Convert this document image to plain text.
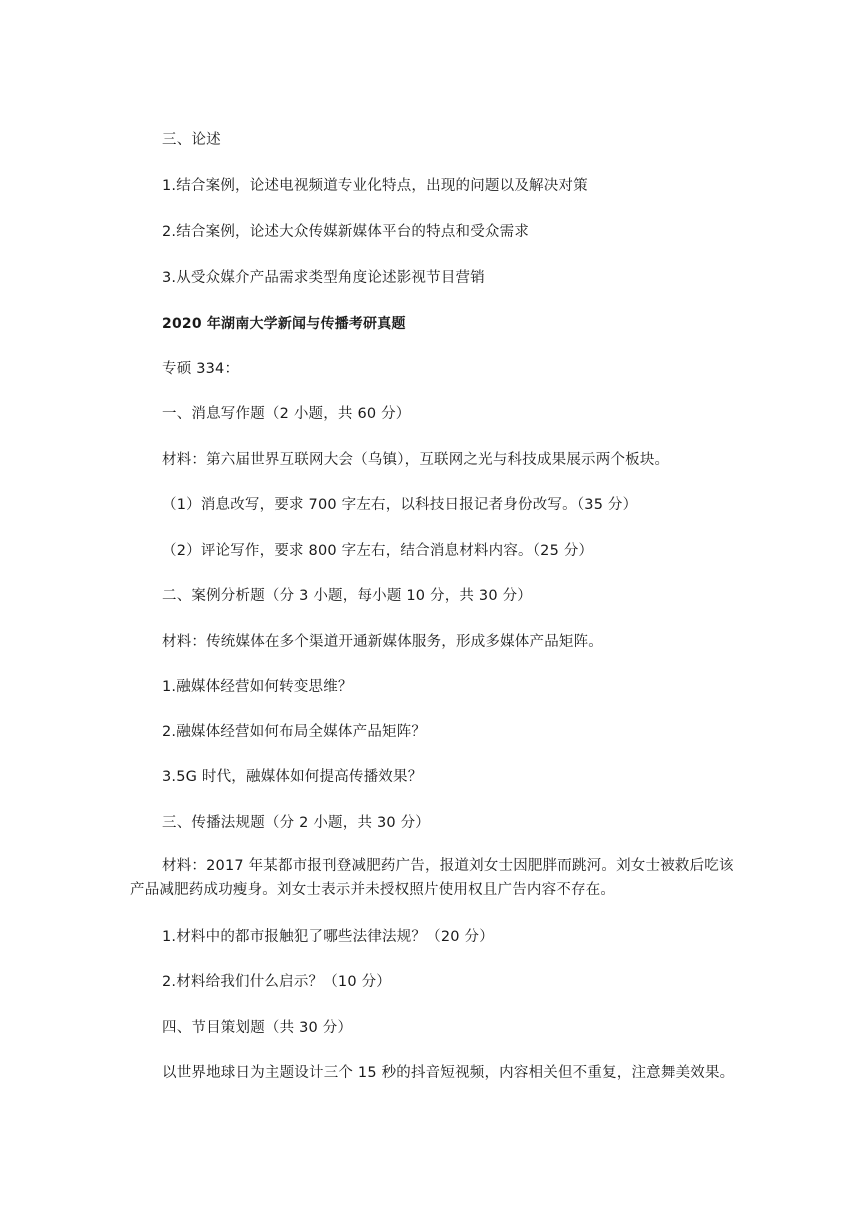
三、论述
1.结合案例，论述电视频道专业化特点，出现的问题以及解决对策
2.结合案例，论述大众传媒新媒体平台的特点和受众需求
3.从受众媒介产品需求类型角度论述影视节目营销
2020 年湖南大学新闻与传播考研真题
专硕 334：
一、消息写作题（2 小题，共 60 分）
材料：第六届世界互联网大会（乌镇），互联网之光与科技成果展示两个板块。
（1）消息改写，要求 700 字左右，以科技日报记者身份改写。（35 分）
（2）评论写作，要求 800 字左右，结合消息材料内容。（25 分）
二、案例分析题（分 3 小题，每小题 10 分，共 30 分）
材料：传统媒体在多个渠道开通新媒体服务，形成多媒体产品矩阵。
1.融媒体经营如何转变思维？
2.融媒体经营如何布局全媒体产品矩阵？
3.5G 时代，融媒体如何提高传播效果？
三、传播法规题（分 2 小题，共 30 分）
材料：2017 年某都市报刊登减肥药广告，报道刘女士因肥胖而跳河。刘女士被救后吃该产品减肥药成功瘦身。刘女士表示并未授权照片使用权且广告内容不存在。
1.材料中的都市报触犯了哪些法律法规？（20 分）
2.材料给我们什么启示？（10 分）
四、节目策划题（共 30 分）
以世界地球日为主题设计三个 15 秒的抖音短视频，内容相关但不重复，注意舞美效果。
